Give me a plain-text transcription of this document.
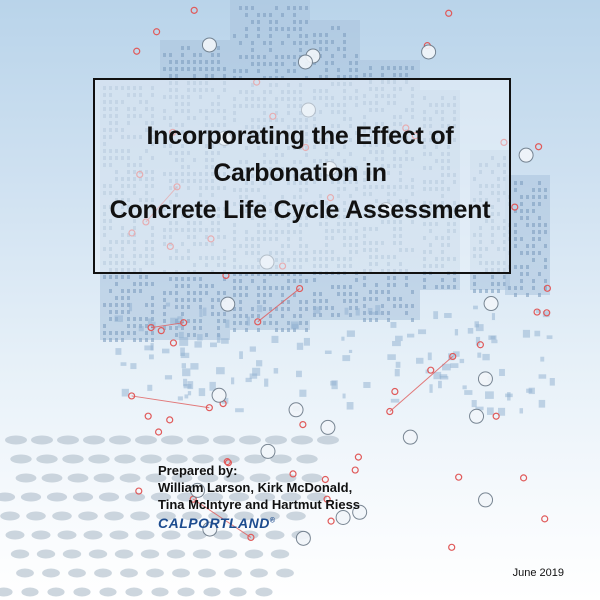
Incorporating the Effect of
Carbonation in
Concrete Life Cycle Assessment
Prepared by:
William Larson, Kirk McDonald,
Tina McIntyre and Hartmut Riess
CALPORTLAND®
June 2019
